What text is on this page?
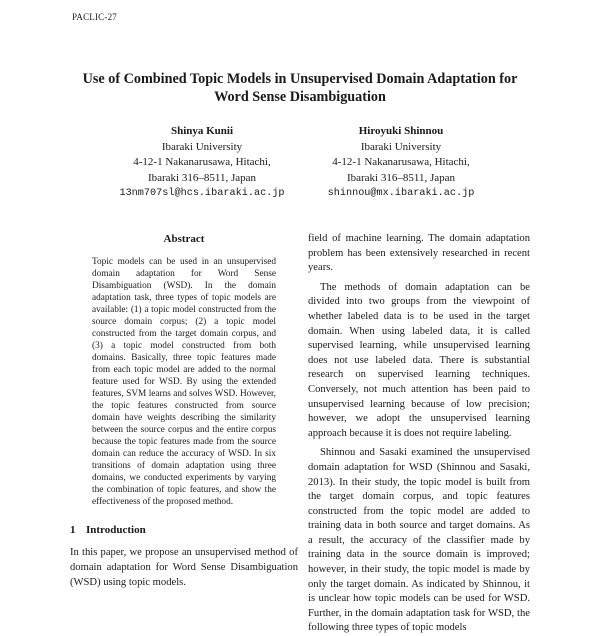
PACLIC-27
Use of Combined Topic Models in Unsupervised Domain Adaptation for
Word Sense Disambiguation
Shinya Kunii
Ibaraki University
4-12-1 Nakanarusawa, Hitachi,
Ibaraki 316–8511, Japan
13nm707sl@hcs.ibaraki.ac.jp
Hiroyuki Shinnou
Ibaraki University
4-12-1 Nakanarusawa, Hitachi,
Ibaraki 316–8511, Japan
shinnou@mx.ibaraki.ac.jp
Abstract
Topic models can be used in an unsupervised domain adaptation for Word Sense Disambiguation (WSD). In the domain adaptation task, three types of topic models are available: (1) a topic model constructed from the source domain corpus; (2) a topic model constructed from the target domain corpus, and (3) a topic model constructed from both domains. Basically, three topic features made from each topic model are added to the normal feature used for WSD. By using the extended features, SVM learns and solves WSD. However, the topic features constructed from source domain have weights describing the similarity between the source corpus and the entire corpus because the topic features made from the source domain can reduce the accuracy of WSD. In six transitions of domain adaptation using three domains, we conducted experiments by varying the combination of topic features, and show the effectiveness of the proposed method.
1 Introduction
In this paper, we propose an unsupervised method of domain adaptation for Word Sense Disambiguation (WSD) using topic models.

field of machine learning. The domain adaptation problem has been extensively researched in recent years.

The methods of domain adaptation can be divided into two groups from the viewpoint of whether labeled data is to be used in the target domain. When using labeled data, it is called supervised learning, while unsupervised learning does not use labeled data. There is substantial research on supervised learning techniques. Conversely, not much attention has been paid to unsupervised learning because of low precision; however, we adopt the unsupervised learning approach because it is does not require labeling.

Shinnou and Sasaki examined the unsupervised domain adaptation for WSD (Shinnou and Sasaki, 2013). In their study, the topic model is built from the target domain corpus, and topic features constructed from the topic model are added to training data in both source and target domains. As a result, the accuracy of the classifier made by training data in the source domain is improved; however, in their study, the topic model is made by only the target domain. As indicated by Shinnou, it is unclear how topic models can be used for WSD. Further, in the domain adaptation task for WSD, the following three types of topic models
